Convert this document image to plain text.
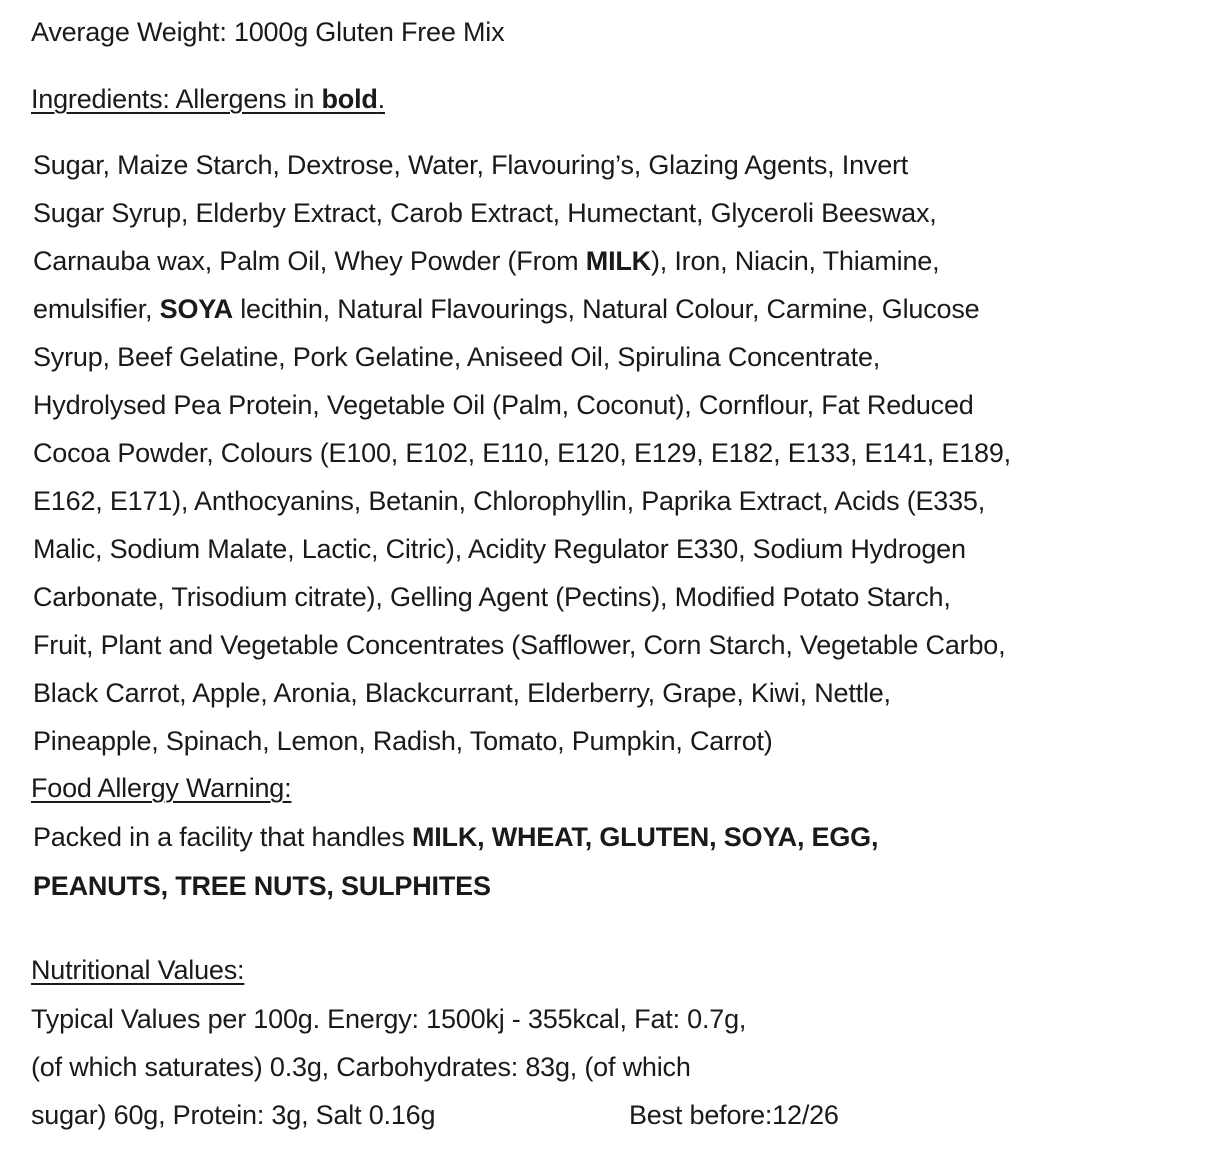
Average Weight: 1000g Gluten Free Mix
Ingredients: Allergens in bold.
Sugar, Maize Starch, Dextrose, Water, Flavouring’s, Glazing Agents, Invert
Sugar Syrup, Elderby Extract, Carob Extract, Humectant, Glyceroli Beeswax,
Carnauba wax, Palm Oil, Whey Powder (From MILK), Iron, Niacin, Thiamine,
emulsifier, SOYA lecithin, Natural Flavourings, Natural Colour, Carmine, Glucose
Syrup, Beef Gelatine, Pork Gelatine, Aniseed Oil, Spirulina Concentrate,
Hydrolysed Pea Protein, Vegetable Oil (Palm, Coconut), Cornflour, Fat Reduced
Cocoa Powder, Colours (E100, E102, E110, E120, E129, E182, E133, E141, E189,
E162, E171), Anthocyanins, Betanin, Chlorophyllin, Paprika Extract, Acids (E335,
Malic, Sodium Malate, Lactic, Citric), Acidity Regulator E330, Sodium Hydrogen
Carbonate, Trisodium citrate), Gelling Agent (Pectins), Modified Potato Starch,
Fruit, Plant and Vegetable Concentrates (Safflower, Corn Starch, Vegetable Carbo,
Black Carrot, Apple, Aronia, Blackcurrant, Elderberry, Grape, Kiwi, Nettle,
Pineapple, Spinach, Lemon, Radish, Tomato, Pumpkin, Carrot)
Food Allergy Warning:
Packed in a facility that handles MILK, WHEAT, GLUTEN, SOYA, EGG,
PEANUTS, TREE NUTS, SULPHITES
Nutritional Values:
Typical Values per 100g. Energy: 1500kj - 355kcal, Fat: 0.7g,
(of which saturates) 0.3g, Carbohydrates: 83g, (of which
sugar) 60g, Protein: 3g, Salt 0.16g	Best before:12/26
